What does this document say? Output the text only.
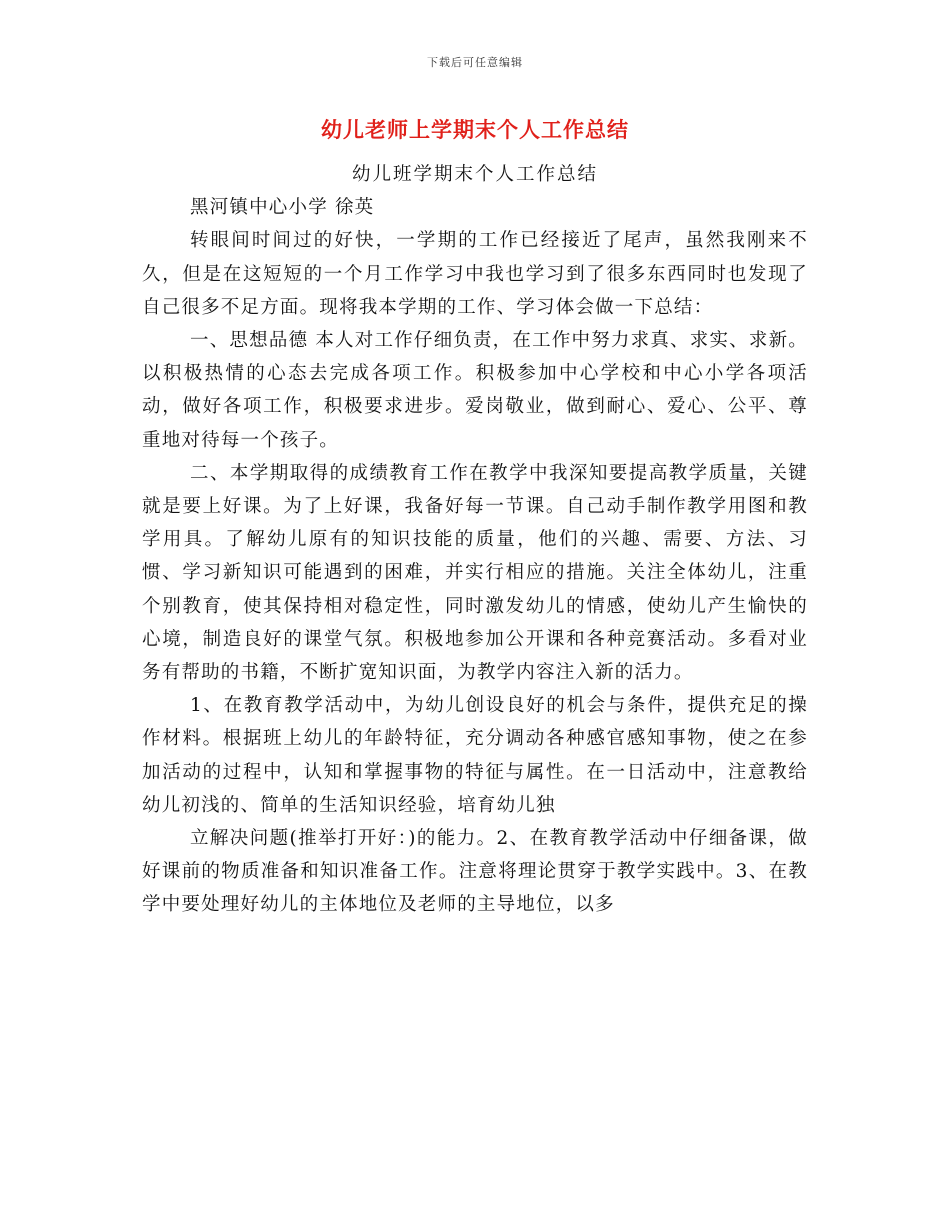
下载后可任意编辑
幼儿老师上学期末个人工作总结

幼儿班学期末个人工作总结

黑河镇中心小学 徐英

转眼间时间过的好快，一学期的工作已经接近了尾声，虽然我刚来不久，但是在这短短的一个月工作学习中我也学习到了很多东西同时也发现了自己很多不足方面。现将我本学期的工作、学习体会做一下总结：

一、思想品德 本人对工作仔细负责，在工作中努力求真、求实、求新。以积极热情的心态去完成各项工作。积极参加中心学校和中心小学各项活动，做好各项工作，积极要求进步。爱岗敬业，做到耐心、爱心、公平、尊重地对待每一个孩子。

二、本学期取得的成绩教育工作在教学中我深知要提高教学质量，关键就是要上好课。为了上好课，我备好每一节课。自己动手制作教学用图和教学用具。了解幼儿原有的知识技能的质量，他们的兴趣、需要、方法、习惯、学习新知识可能遇到的困难，并实行相应的措施。关注全体幼儿，注重个别教育，使其保持相对稳定性，同时激发幼儿的情感，使幼儿产生愉快的心境，制造良好的课堂气氛。积极地参加公开课和各种竞赛活动。多看对业务有帮助的书籍，不断扩宽知识面，为教学内容注入新的活力。

1、在教育教学活动中，为幼儿创设良好的机会与条件，提供充足的操作材料。根据班上幼儿的年龄特征，充分调动各种感官感知事物，使之在参加活动的过程中，认知和掌握事物的特征与属性。在一日活动中，注意教给幼儿初浅的、简单的生活知识经验，培育幼儿独

立解决问题(推举打开好：)的能力。2、在教育教学活动中仔细备课，做好课前的物质准备和知识准备工作。注意将理论贯穿于教学实践中。3、在教学中要处理好幼儿的主体地位及老师的主导地位，以多
